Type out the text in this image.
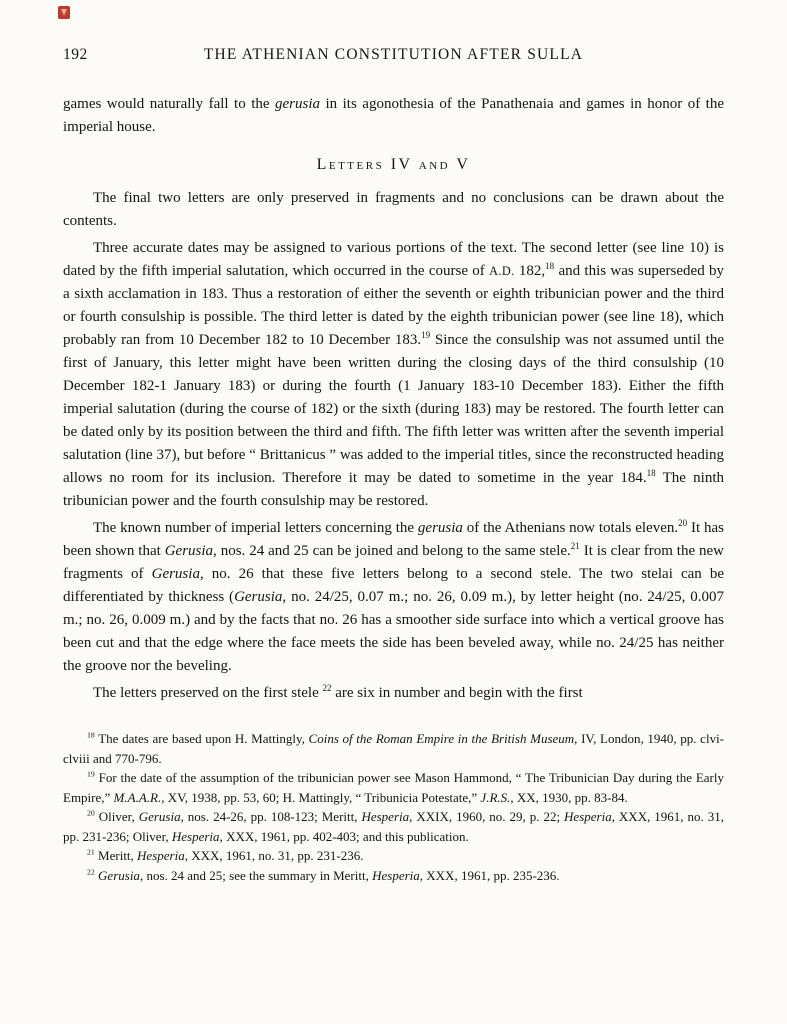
192	THE ATHENIAN CONSTITUTION AFTER SULLA

games would naturally fall to the gerusia in its agonothesia of the Panathenaia and games in honor of the imperial house.

Letters IV and V

The final two letters are only preserved in fragments and no conclusions can be drawn about the contents.

Three accurate dates may be assigned to various portions of the text. The second letter (see line 10) is dated by the fifth imperial salutation, which occurred in the course of A.D. 182,18 and this was superseded by a sixth acclamation in 183. Thus a restoration of either the seventh or eighth tribunician power and the third or fourth consulship is possible. The third letter is dated by the eighth tribunician power (see line 18), which probably ran from 10 December 182 to 10 December 183.19 Since the consulship was not assumed until the first of January, this letter might have been written during the closing days of the third consulship (10 December 182-1 January 183) or during the fourth (1 January 183-10 December 183). Either the fifth imperial salutation (during the course of 182) or the sixth (during 183) may be restored. The fourth letter can be dated only by its position between the third and fifth. The fifth letter was written after the seventh imperial salutation (line 37), but before “ Brittanicus ” was added to the imperial titles, since the reconstructed heading allows no room for its inclusion. Therefore it may be dated to sometime in the year 184.18 The ninth tribunician power and the fourth consulship may be restored.

The known number of imperial letters concerning the gerusia of the Athenians now totals eleven.$^{20}$ It has been shown that Gerusia, nos. 24 and 25 can be joined and belong to the same stele.$^{21}$ It is clear from the new fragments of Gerusia, no. 26 that these five letters belong to a second stele. The two stelai can be differentiated by thickness (Gerusia, no. 24/25, 0.07 m.; no. 26, 0.09 m.), by letter height (no. 24/25, 0.007 m.; no. 26, 0.009 m.) and by the facts that no. 26 has a smoother side surface into which a vertical groove has been cut and that the edge where the face meets the side has been beveled away, while no. 24/25 has neither the groove nor the beveling.

The letters preserved on the first stele $^{22}$ are six in number and begin with the first

$^{18}$ The dates are based upon H. Mattingly, Coins of the Roman Empire in the British Museum, IV, London, 1940, pp. clvi-clviii and 770-796.

$^{19}$ For the date of the assumption of the tribunician power see Mason Hammond, “ The Tribunician Day during the Early Empire,” M.A.A.R., XV, 1938, pp. 53, 60; H. Mattingly, “ Tribunicia Potestate,” J.R.S., XX, 1930, pp. 83-84.

$^{20}$ Oliver, Gerusia, nos. 24-26, pp. 108-123; Meritt, Hesperia, XXIX, 1960, no. 29, p. 22; Hesperia, XXX, 1961, no. 31, pp. 231-236; Oliver, Hesperia, XXX, 1961, pp. 402-403; and this publication.

$^{21}$ Meritt, Hesperia, XXX, 1961, no. 31, pp. 231-236.

$^{22}$ Gerusia, nos. 24 and 25; see the summary in Meritt, Hesperia, XXX, 1961, pp. 235-236.
